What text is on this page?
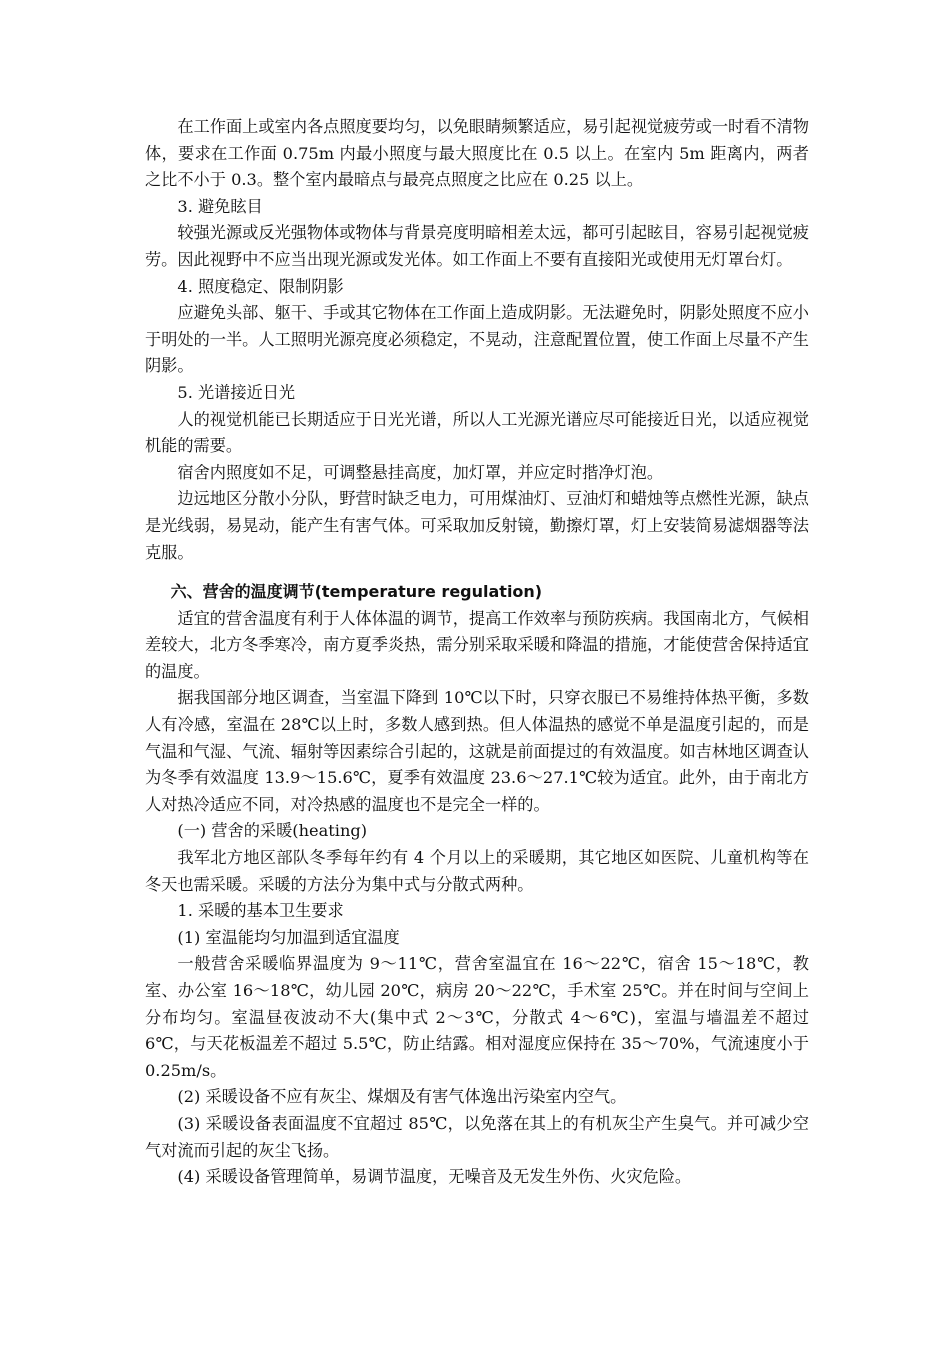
在工作面上或室内各点照度要均匀，以免眼睛频繁适应，易引起视觉疲劳或一时看不清物体，要求在工作面 0.75m 内最小照度与最大照度比在 0.5 以上。在室内 5m 距离内，两者之比不小于 0.3。整个室内最暗点与最亮点照度之比应在 0.25 以上。

3. 避免眩目

较强光源或反光强物体或物体与背景亮度明暗相差太远，都可引起眩目，容易引起视觉疲劳。因此视野中不应当出现光源或发光体。如工作面上不要有直接阳光或使用无灯罩台灯。

4. 照度稳定、限制阴影

应避免头部、躯干、手或其它物体在工作面上造成阴影。无法避免时，阴影处照度不应小于明处的一半。人工照明光源亮度必须稳定，不晃动，注意配置位置，使工作面上尽量不产生阴影。

5. 光谱接近日光

人的视觉机能已长期适应于日光光谱，所以人工光源光谱应尽可能接近日光，以适应视觉机能的需要。

宿舍内照度如不足，可调整悬挂高度，加灯罩，并应定时揩净灯泡。

边远地区分散小分队，野营时缺乏电力，可用煤油灯、豆油灯和蜡烛等点燃性光源，缺点是光线弱，易晃动，能产生有害气体。可采取加反射镜，勤擦灯罩，灯上安装简易滤烟器等法克服。

六、营舍的温度调节(temperature regulation)

适宜的营舍温度有利于人体体温的调节，提高工作效率与预防疾病。我国南北方，气候相差较大，北方冬季寒冷，南方夏季炎热，需分别采取采暖和降温的措施，才能使营舍保持适宜的温度。

据我国部分地区调查，当室温下降到 10℃以下时，只穿衣服已不易维持体热平衡，多数人有冷感，室温在 28℃以上时，多数人感到热。但人体温热的感觉不单是温度引起的，而是气温和气湿、气流、辐射等因素综合引起的，这就是前面提过的有效温度。如吉林地区调查认为冬季有效温度 13.9～15.6℃，夏季有效温度 23.6～27.1℃较为适宜。此外，由于南北方人对热冷适应不同，对冷热感的温度也不是完全一样的。

(一) 营舍的采暖(heating)

我军北方地区部队冬季每年约有 4 个月以上的采暖期，其它地区如医院、儿童机构等在冬天也需采暖。采暖的方法分为集中式与分散式两种。

1. 采暖的基本卫生要求

(1) 室温能均匀加温到适宜温度

一般营舍采暖临界温度为 9～11℃，营舍室温宜在 16～22℃，宿舍 15～18℃，教室、办公室 16～18℃，幼儿园 20℃，病房 20～22℃，手术室 25℃。并在时间与空间上分布均匀。室温昼夜波动不大(集中式 2～3℃，分散式 4～6℃)，室温与墙温差不超过 6℃，与天花板温差不超过 5.5℃，防止结露。相对湿度应保持在 35～70%，气流速度小于 0.25m/s。

(2) 采暖设备不应有灰尘、煤烟及有害气体逸出污染室内空气。

(3) 采暖设备表面温度不宜超过 85℃，以免落在其上的有机灰尘产生臭气。并可减少空气对流而引起的灰尘飞扬。

(4) 采暖设备管理简单，易调节温度，无噪音及无发生外伤、火灾危险。
